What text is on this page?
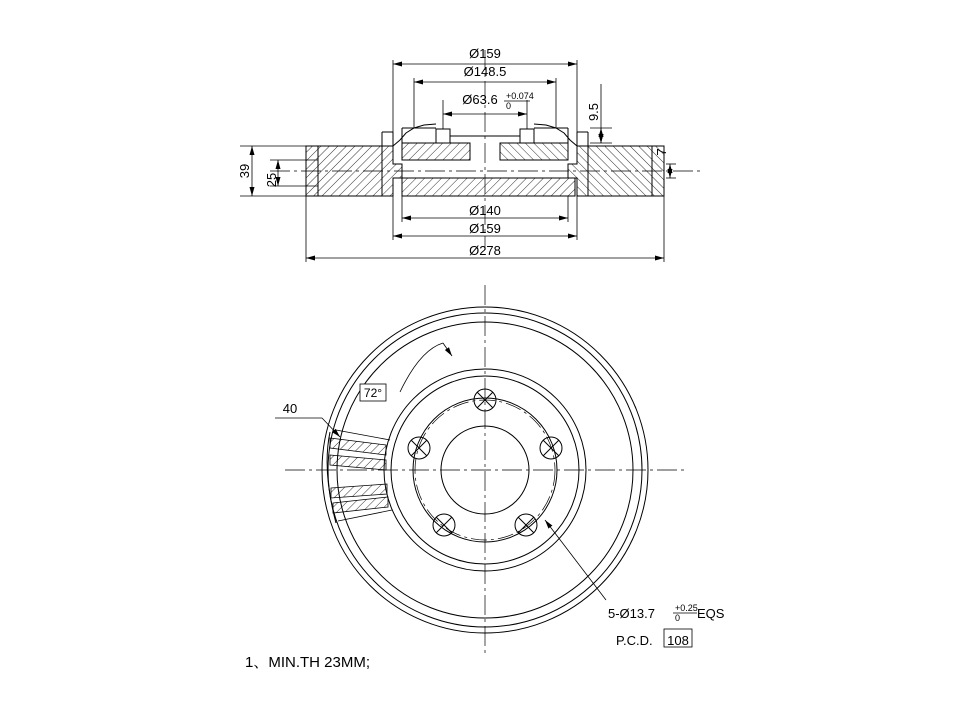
Ø159
Ø148.5
Ø63.6 +0.074
0	9.5
7
39
25
Ø140
Ø159
Ø278
40
72°
5-Ø13.7 +0.25
0 EQS
P.C.D. 108
1、MIN.TH 23MM;
